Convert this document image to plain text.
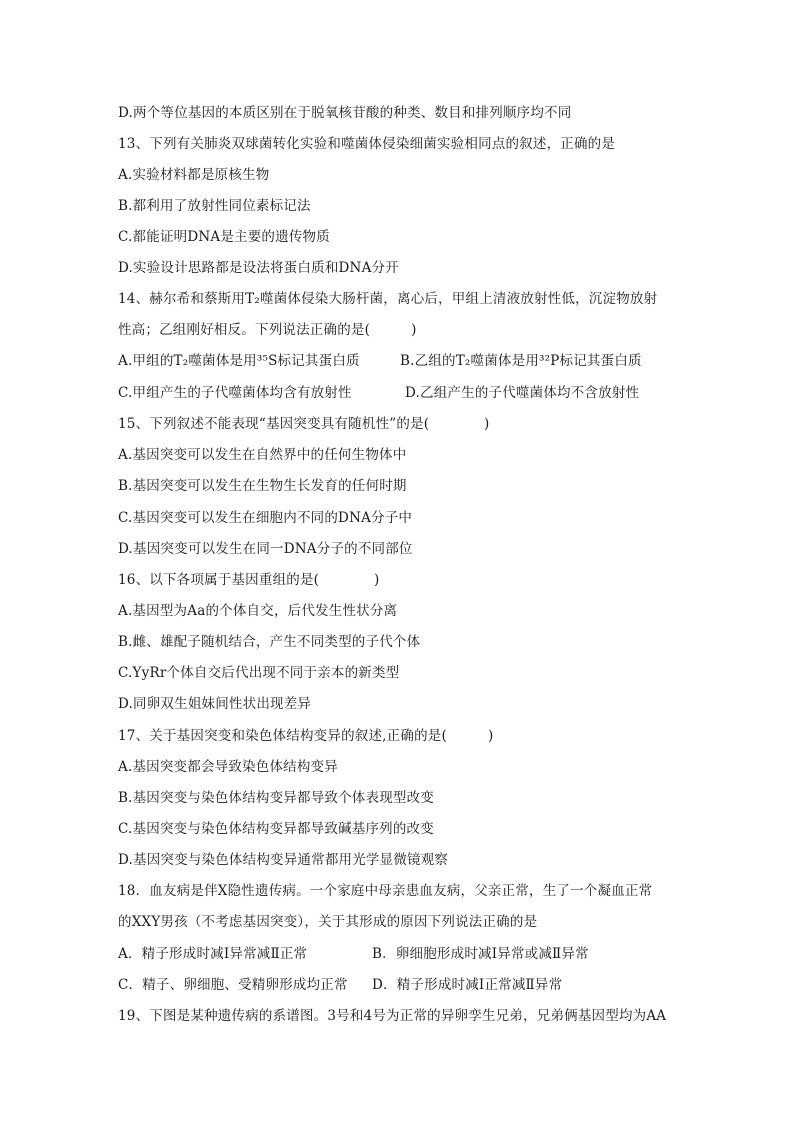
D.两个等位基因的本质区别在于脱氧核苷酸的种类、数目和排列顺序均不同
13、下列有关肺炎双球菌转化实验和噬菌体侵染细菌实验相同点的叙述，正确的是
A.实验材料都是原核生物
B.都利用了放射性同位素标记法
C.都能证明DNA是主要的遗传物质
D.实验设计思路都是设法将蛋白质和DNA分开
14、赫尔希和蔡斯用T₂噬菌体侵染大肠杆菌，离心后，甲组上清液放射性低，沉淀物放射
性高；乙组刚好相反。下列说法正确的是(　　　)
A.甲组的T₂噬菌体是用³⁵S标记其蛋白质	B.乙组的T₂噬菌体是用³²P标记其蛋白质
C.甲组产生的子代噬菌体均含有放射性	D.乙组产生的子代噬菌体均不含放射性
15、下列叙述不能表现“基因突变具有随机性”的是(　　　　)
A.基因突变可以发生在自然界中的任何生物体中
B.基因突变可以发生在生物生长发育的任何时期
C.基因突变可以发生在细胞内不同的DNA分子中
D.基因突变可以发生在同一DNA分子的不同部位
16、以下各项属于基因重组的是(　　　　)
A.基因型为Aa的个体自交，后代发生性状分离
B.雌、雄配子随机结合，产生不同类型的子代个体
C.YyRr个体自交后代出现不同于亲本的新类型
D.同卵双生姐妹间性状出现差异
17、关于基因突变和染色体结构变异的叙述,正确的是(　　　)
A.基因突变都会导致染色体结构变异
B.基因突变与染色体结构变异都导致个体表现型改变
C.基因突变与染色体结构变异都导致碱基序列的改变
D.基因突变与染色体结构变异通常都用光学显微镜观察
18．血友病是伴X隐性遗传病。一个家庭中母亲患血友病，父亲正常，生了一个凝血正常
的XXY男孩（不考虑基因突变），关于其形成的原因下列说法正确的是
A．精子形成时减Ⅰ异常减Ⅱ正常	B．卵细胞形成时减Ⅰ异常或减Ⅱ异常
C．精子、卵细胞、受精卵形成均正常 D．精子形成时减Ⅰ正常减Ⅱ异常
19、下图是某种遗传病的系谱图。3号和4号为正常的异卵孪生兄弟，兄弟俩基因型均为AA
